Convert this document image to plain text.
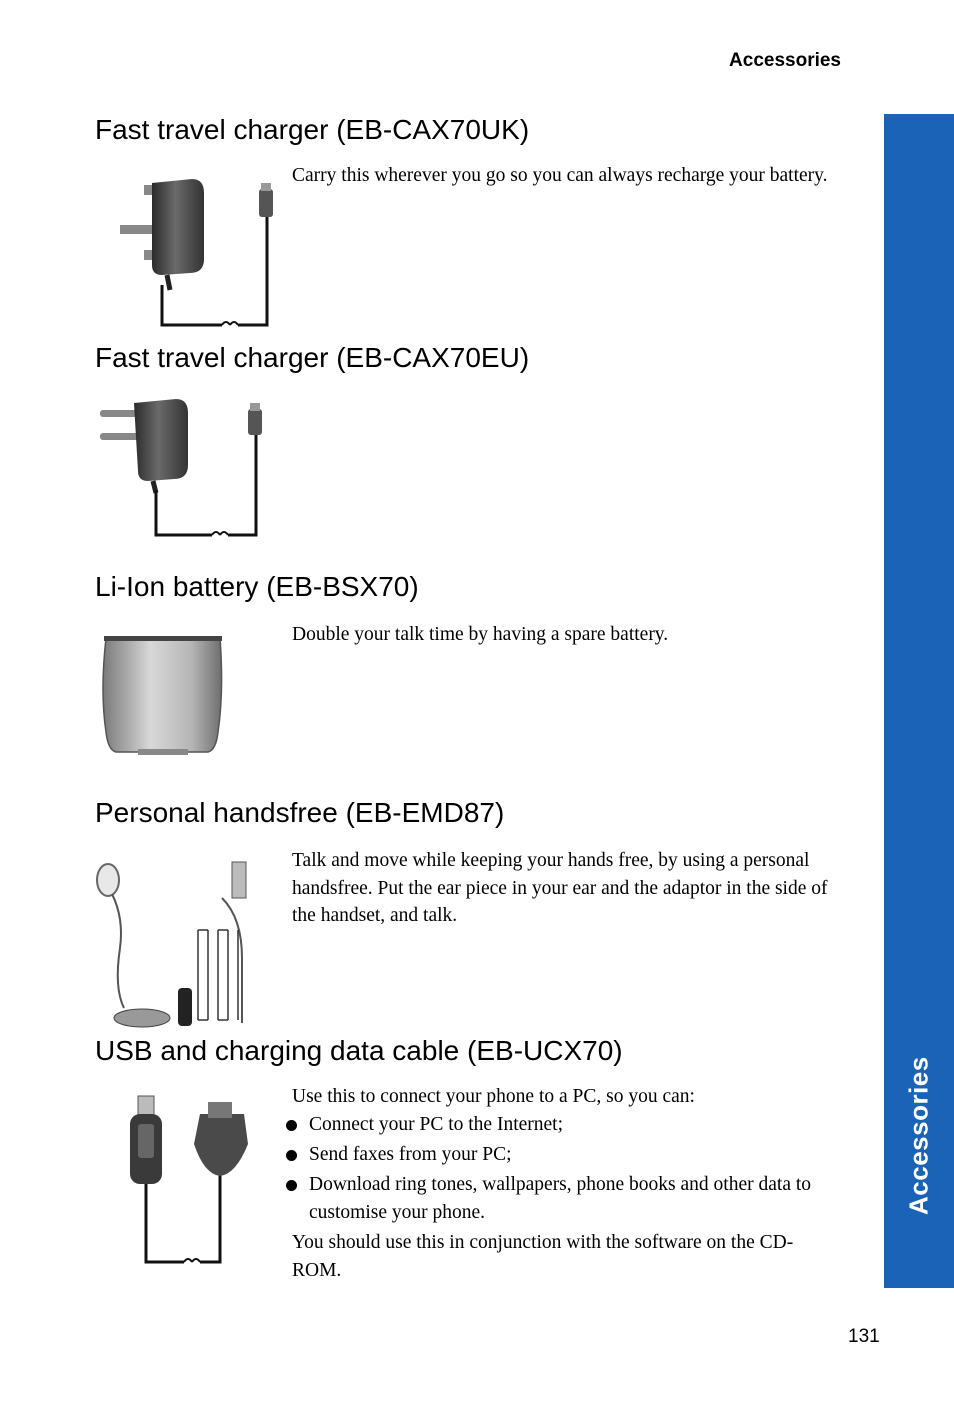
Accessories
Accessories
Fast travel charger (EB-CAX70UK)

Carry this wherever you go so you can always recharge your battery.

Fast travel charger (EB-CAX70EU)
Li-Ion battery (EB-BSX70)

Double your talk time by having a spare battery.

Personal handsfree (EB-EMD87)

Talk and move while keeping your hands free, by using a personal handsfree. Put the ear piece in your ear and the adaptor in the side of the handset, and talk.

USB and charging data cable (EB-UCX70)

Use this to connect your phone to a PC, so you can:

Connect your PC to the Internet;
Send faxes from your PC;
Download ring tones, wallpapers, phone books and other data to customise your phone.

You should use this in conjunction with the software on the CD-ROM.

131
